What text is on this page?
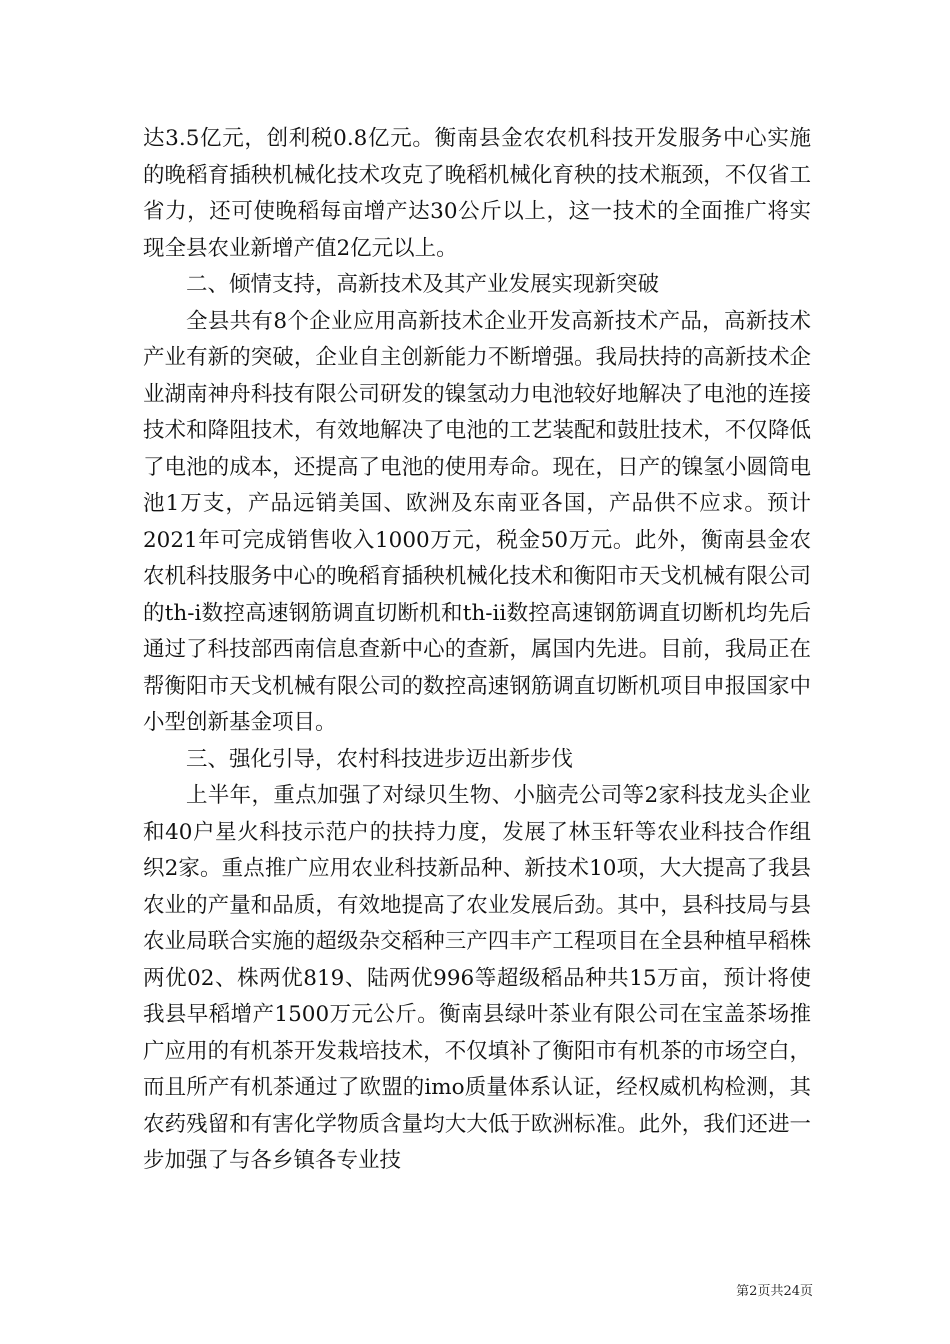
达3.5亿元，创利税0.8亿元。衡南县金农农机科技开发服务中心实施的晚稻育插秧机械化技术攻克了晚稻机械化育秧的技术瓶颈，不仅省工省力，还可使晚稻每亩增产达30公斤以上，这一技术的全面推广将实现全县农业新增产值2亿元以上。

二、倾情支持，高新技术及其产业发展实现新突破

全县共有8个企业应用高新技术企业开发高新技术产品，高新技术产业有新的突破，企业自主创新能力不断增强。我局扶持的高新技术企业湖南神舟科技有限公司研发的镍氢动力电池较好地解决了电池的连接技术和降阻技术，有效地解决了电池的工艺装配和鼓肚技术，不仅降低了电池的成本，还提高了电池的使用寿命。现在，日产的镍氢小圆筒电池1万支，产品远销美国、欧洲及东南亚各国，产品供不应求。预计2021年可完成销售收入1000万元，税金50万元。此外，衡南县金农农机科技服务中心的晚稻育插秧机械化技术和衡阳市天戈机械有限公司的th-i数控高速钢筋调直切断机和th-ii数控高速钢筋调直切断机均先后通过了科技部西南信息查新中心的查新，属国内先进。目前，我局正在帮衡阳市天戈机械有限公司的数控高速钢筋调直切断机项目申报国家中小型创新基金项目。

三、强化引导，农村科技进步迈出新步伐

上半年，重点加强了对绿贝生物、小脑壳公司等2家科技龙头企业和40户星火科技示范户的扶持力度，发展了林玉轩等农业科技合作组织2家。重点推广应用农业科技新品种、新技术10项，大大提高了我县农业的产量和品质，有效地提高了农业发展后劲。其中，县科技局与县农业局联合实施的超级杂交稻种三产四丰产工程项目在全县种植早稻株两优02、株两优819、陆两优996等超级稻品种共15万亩，预计将使我县早稻增产1500万元公斤。衡南县绿叶茶业有限公司在宝盖茶场推广应用的有机茶开发栽培技术，不仅填补了衡阳市有机茶的市场空白，而且所产有机茶通过了欧盟的imo质量体系认证，经权威机构检测，其农药残留和有害化学物质含量均大大低于欧洲标准。此外，我们还进一步加强了与各乡镇各专业技

第2页共24页
